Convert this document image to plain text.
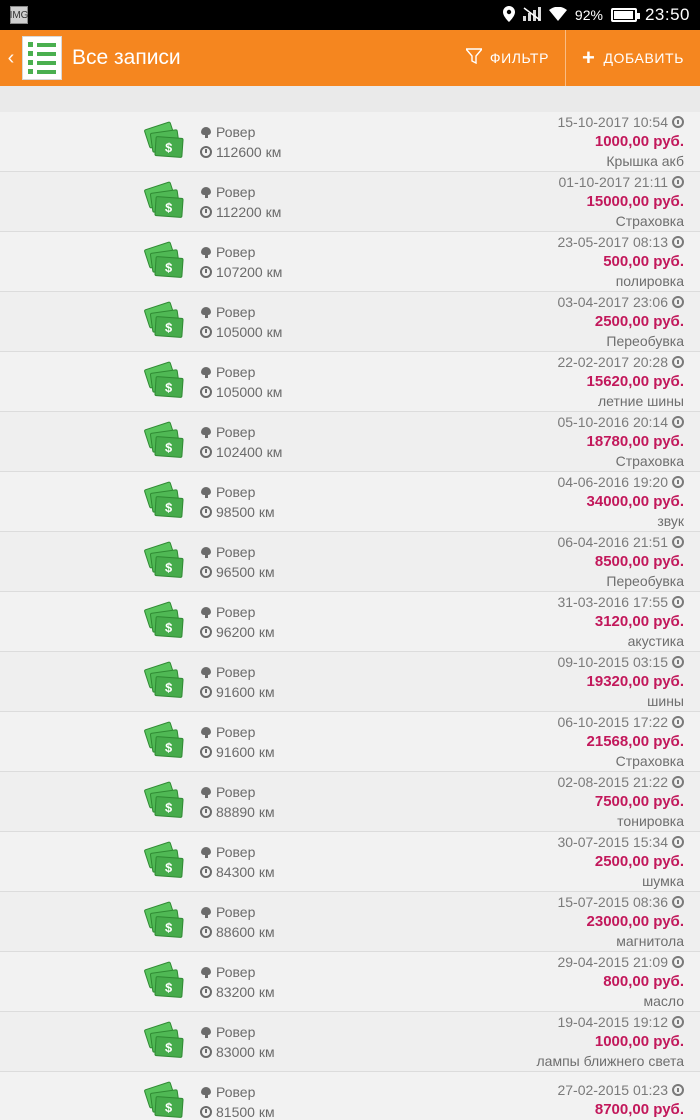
IMG	92% 23:50
‹	Все записи	ФИЛЬТР + ДОБАВИТЬ
$
Ровер
112600 км
15-10-2017 10:54
1000,00 руб.
Крышка акб
$
Ровер
112200 км
01-10-2017 21:11
15000,00 руб.
Страховка
$
Ровер
107200 км
23-05-2017 08:13
500,00 руб.
полировка
$
Ровер
105000 км
03-04-2017 23:06
2500,00 руб.
Переобувка
$
Ровер
105000 км
22-02-2017 20:28
15620,00 руб.
летние шины
$
Ровер
102400 км
05-10-2016 20:14
18780,00 руб.
Страховка
$
Ровер
98500 км
04-06-2016 19:20
34000,00 руб.
звук
$
Ровер
96500 км
06-04-2016 21:51
8500,00 руб.
Переобувка
$
Ровер
96200 км
31-03-2016 17:55
3120,00 руб.
акустика
$
Ровер
91600 км
09-10-2015 03:15
19320,00 руб.
шины
$
Ровер
91600 км
06-10-2015 17:22
21568,00 руб.
Страховка
$
Ровер
88890 км
02-08-2015 21:22
7500,00 руб.
тонировка
$
Ровер
84300 км
30-07-2015 15:34
2500,00 руб.
шумка
$
Ровер
88600 км
15-07-2015 08:36
23000,00 руб.
магнитола
$
Ровер
83200 км
29-04-2015 21:09
800,00 руб.
масло
$
Ровер
83000 км
19-04-2015 19:12
1000,00 руб.
лампы ближнего света
$
Ровер
81500 км
27-02-2015 01:23
8700,00 руб.
